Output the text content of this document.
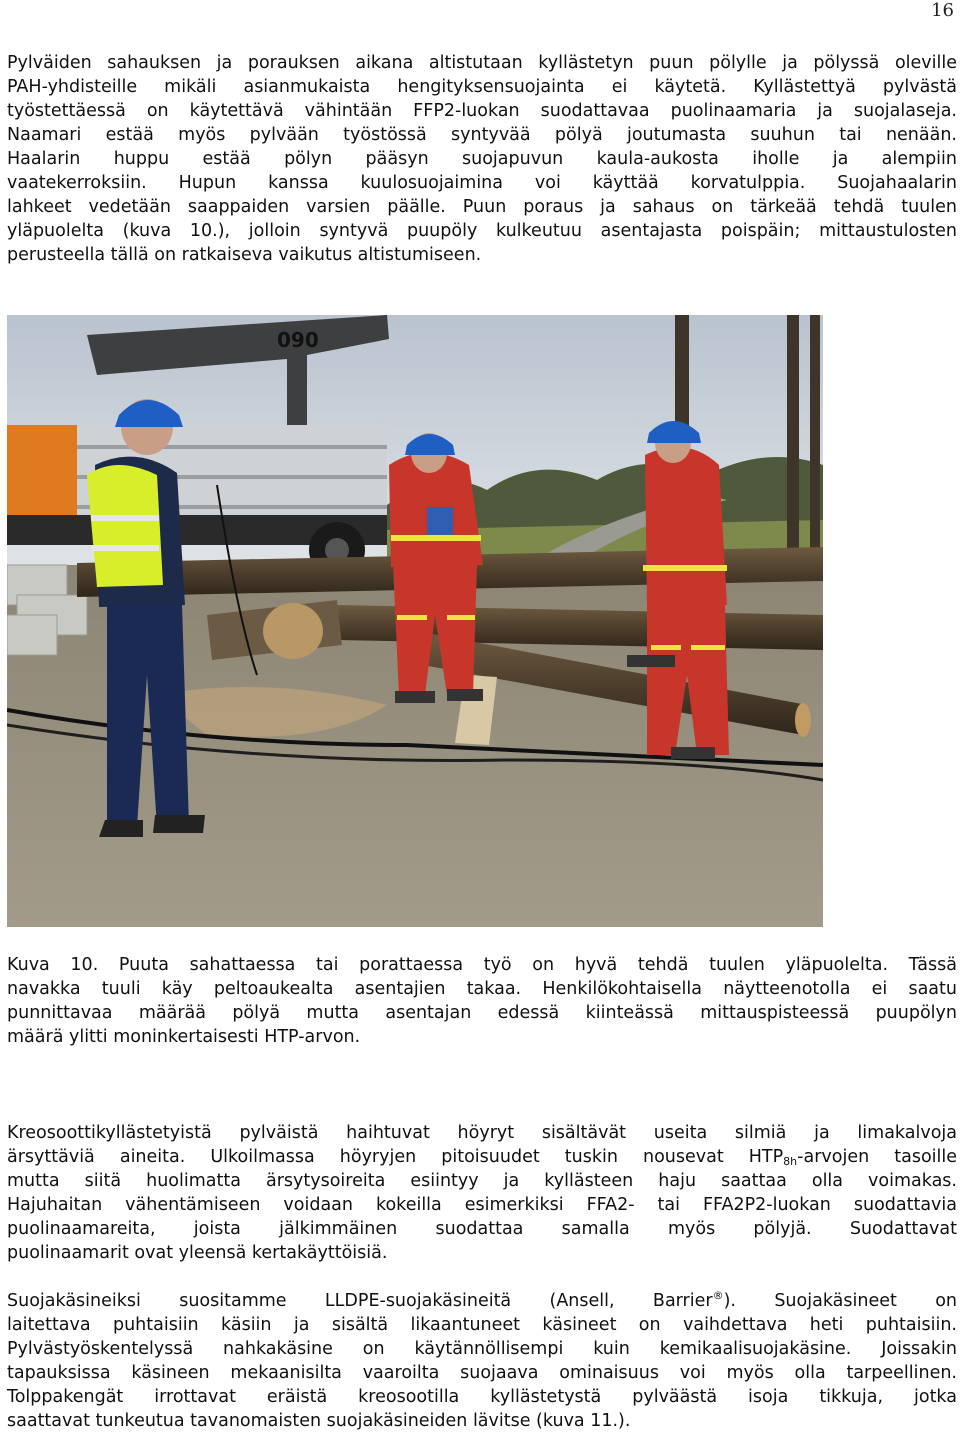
16

Pylväiden sahauksen ja porauksen aikana altistutaan kyllästetyn puun pölylle ja pölyssä oleville
PAH-yhdisteille mikäli asianmukaista hengityksensuojainta ei käytetä. Kyllästettyä pylvästä
työstettäessä on käytettävä vähintään FFP2-luokan suodattavaa puolinaamaria ja suojalaseja.
Naamari estää myös pylvään työstössä syntyvää pölyä joutumasta suuhun tai nenään.
Haalarin huppu estää pölyn pääsyn suojapuvun kaula-aukosta iholle ja alempiin
vaatekerroksiin. Hupun kanssa kuulosuojaimina voi käyttää korvatulppia. Suojahaalarin
lahkeet vedetään saappaiden varsien päälle. Puun poraus ja sahaus on tärkeää tehdä tuulen
yläpuolelta (kuva 10.), jolloin syntyvä puupöly kulkeutuu asentajasta poispäin; mittaustulosten
perusteella tällä on ratkaiseva vaikutus altistumiseen.

090

Kuva 10. Puuta sahattaessa tai porattaessa työ on hyvä tehdä tuulen yläpuolelta. Tässä
navakka tuuli käy peltoaukealta asentajien takaa. Henkilökohtaisella näytteenotolla ei saatu
punnittavaa määrää pölyä mutta asentajan edessä kiinteässä mittauspisteessä puupölyn
määrä ylitti moninkertaisesti HTP-arvon.

Kreosoottikyllästetyistä pylväistä haihtuvat höyryt sisältävät useita silmiä ja limakalvoja
ärsyttäviä aineita. Ulkoilmassa höyryjen pitoisuudet tuskin nousevat $HTP_{8h}$-arvojen tasoille
mutta siitä huolimatta ärsytysoireita esiintyy ja kyllästeen haju saattaa olla voimakas.
Hajuhaitan vähentämiseen voidaan kokeilla esimerkiksi FFA2- tai FFA2P2-luokan suodattavia
puolinaamareita, joista jälkimmäinen suodattaa samalla myös pölyjä. Suodattavat
puolinaamarit ovat yleensä kertakäyttöisiä.

Suojakäsineiksi suositamme LLDPE-suojakäsineitä (Ansell, Barrier®). Suojakäsineet on
laitettava puhtaisiin käsiin ja sisältä likaantuneet käsineet on vaihdettava heti puhtaisiin.
Pylvästyöskentelyssä nahkakäsine on käytännöllisempi kuin kemikaalisuojakäsine. Joissakin
tapauksissa käsineen mekaanisilta vaaroilta suojaava ominaisuus voi myös olla tarpeellinen.
Tolppakengät irrottavat eräistä kreosootilla kyllästetystä pylväästä isoja tikkuja, jotka
saattavat tunkeutua tavanomaisten suojakäsineiden lävitse (kuva 11.).
